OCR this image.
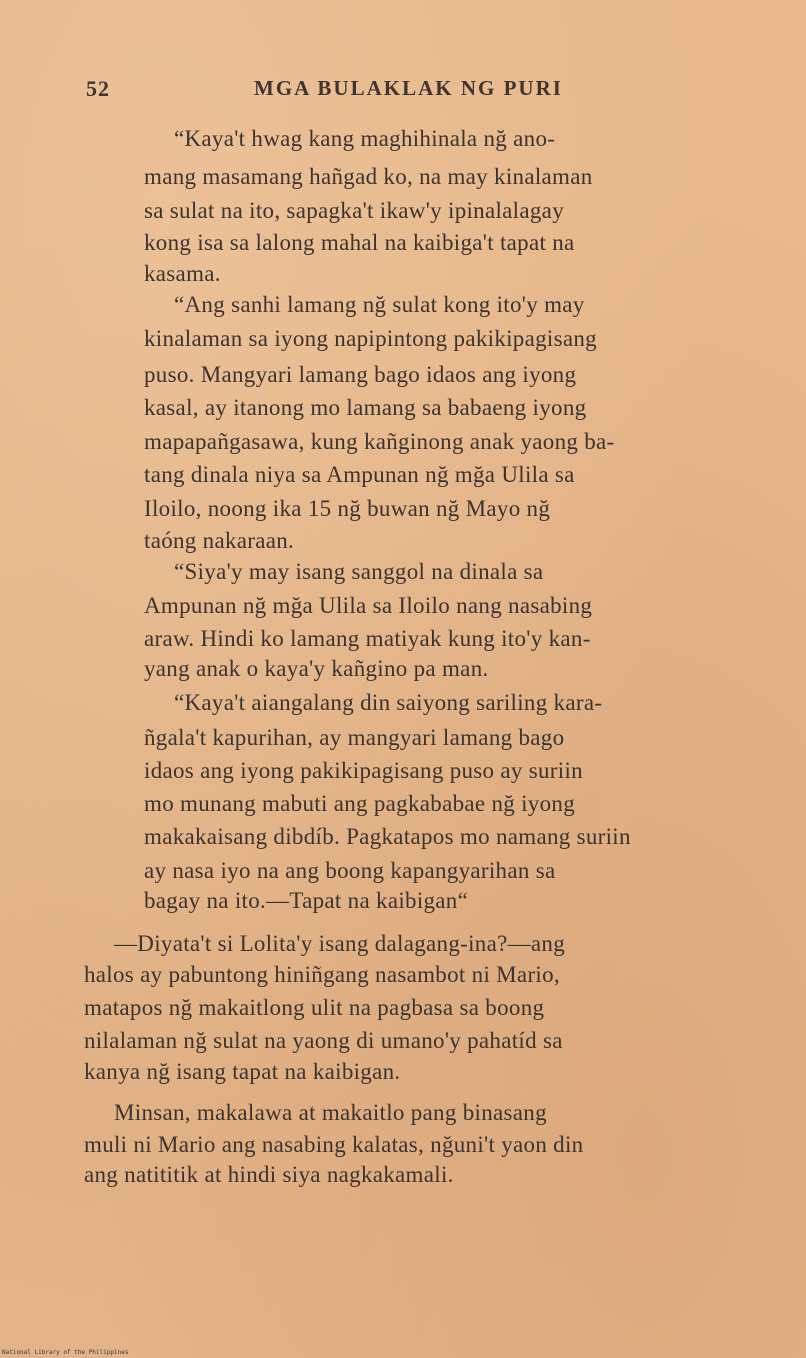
52	MGA BULAKLAK NG PURI
“Kaya't hwag kang maghihinala nğ ano-
mang masamang hañgad ko, na may kinalaman
sa sulat na ito, sapagka't ikaw'y ipinalalagay
kong isa sa lalong mahal na kaibiga't tapat na
kasama.
“Ang sanhi lamang nğ sulat kong ito'y may
kinalaman sa iyong napipintong pakikipagisang
puso. Mangyari lamang bago idaos ang iyong
kasal, ay itanong mo lamang sa babaeng iyong
mapapañgasawa, kung kañginong anak yaong ba-
tang dinala niya sa Ampunan nğ mğa Ulila sa
Iloilo, noong ika 15 nğ buwan nğ Mayo nğ
taóng nakaraan.
“Siya'y may isang sanggol na dinala sa
Ampunan nğ mğa Ulila sa Iloilo nang nasabing
araw. Hindi ko lamang matiyak kung ito'y kan-
yang anak o kaya'y kañgino pa man.
“Kaya't aiangalang din saiyong sariling kara-
ñgala't kapurihan, ay mangyari lamang bago
idaos ang iyong pakikipagisang puso ay suriin
mo munang mabuti ang pagkababae nğ iyong
makakaisang dibdíb. Pagkatapos mo namang suriin
ay nasa iyo na ang boong kapangyarihan sa
bagay na ito.—Tapat na kaibigan“
—Diyata't si Lolita'y isang dalagang-ina?—ang
halos ay pabuntong hiniñgang nasambot ni Mario,
matapos nğ makaitlong ulit na pagbasa sa boong
nilalaman nğ sulat na yaong di umano'y pahatíd sa
kanya nğ isang tapat na kaibigan.
Minsan, makalawa at makaitlo pang binasang
muli ni Mario ang nasabing kalatas, nğuni't yaon din
ang natititik at hindi siya nagkakamali.
National Library of the Philippines
